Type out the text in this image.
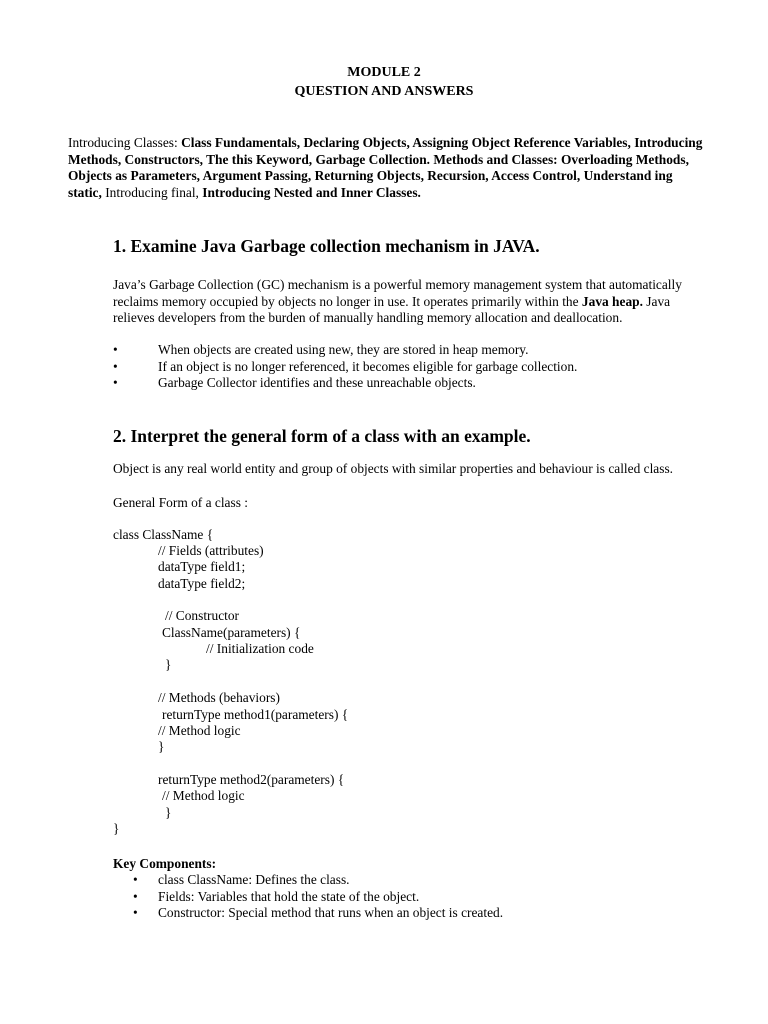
MODULE 2
QUESTION AND ANSWERS
Introducing Classes: Class Fundamentals, Declaring Objects, Assigning Object Reference Variables, Introducing Methods, Constructors, The this Keyword, Garbage Collection. Methods and Classes: Overloading Methods, Objects as Parameters, Argument Passing, Returning Objects, Recursion, Access Control, Understand ing static, Introducing final, Introducing Nested and Inner Classes.
1. Examine Java Garbage collection mechanism in JAVA.
Java’s Garbage Collection (GC) mechanism is a powerful memory management system that automatically reclaims memory occupied by objects no longer in use. It operates primarily within the Java heap. Java relieves developers from the burden of manually handling memory allocation and deallocation.
•	When objects are created using new, they are stored in heap memory.
•	If an object is no longer referenced, it becomes eligible for garbage collection.
•	Garbage Collector identifies and these unreachable objects.
2. Interpret the general form of a class with an example.
Object is any real world entity and group of objects with similar properties and behaviour is called class.
General Form of a class :
class ClassName {
// Fields (attributes)
dataType field1;
dataType field2;
// Constructor
ClassName(parameters) {
// Initialization code
}
// Methods (behaviors)
returnType method1(parameters) {
// Method logic
}
returnType method2(parameters) {
// Method logic
}
}
Key Components:
•	class ClassName: Defines the class.
•	Fields: Variables that hold the state of the object.
•	Constructor: Special method that runs when an object is created.
